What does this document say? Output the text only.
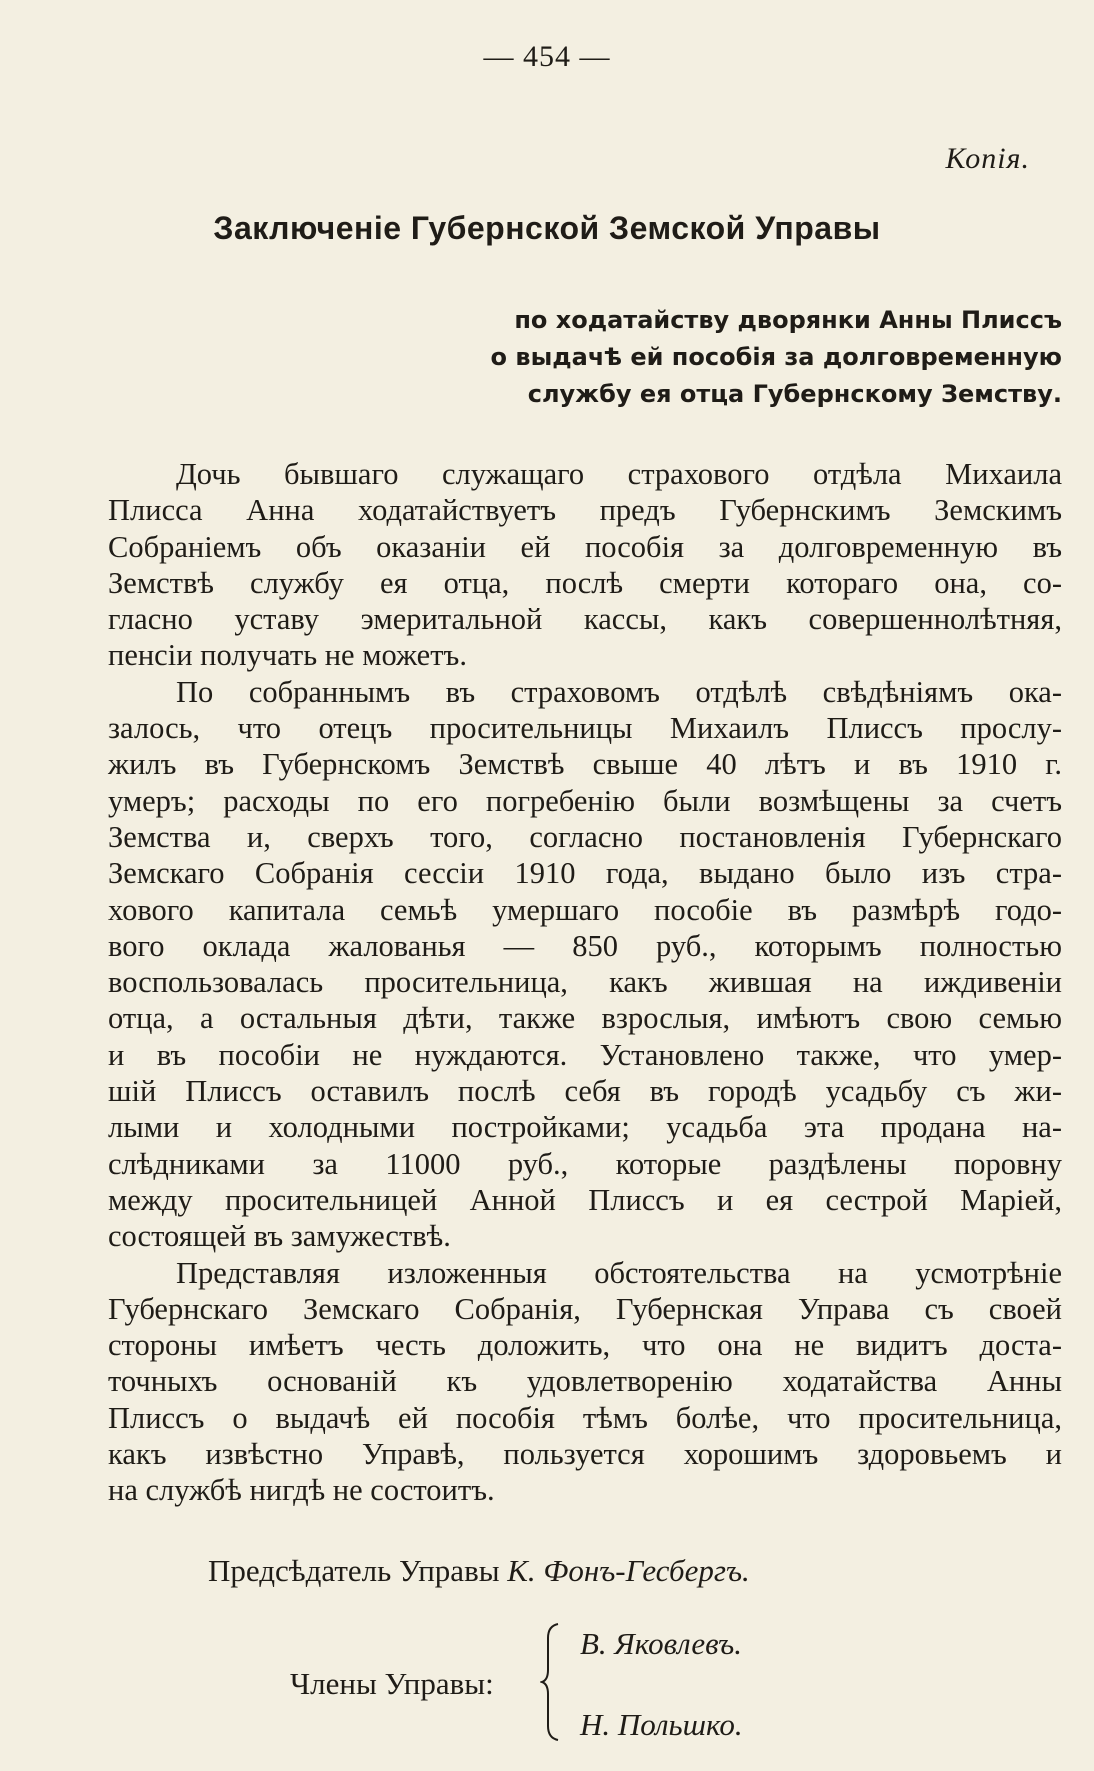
— 454 —
Копія.
Заключеніе Губернской Земской Управы
по ходатайству дворянки Анны Плиссъ
о выдачѣ ей пособія за долговременную
службу ея отца Губернскому Земству.
Дочь бывшаго служащаго страхового отдѣла Михаила
Плисса Анна ходатайствуетъ предъ Губернскимъ Земскимъ
Собраніемъ объ оказаніи ей пособія за долговременную въ
Земствѣ службу ея отца, послѣ смерти котораго она, со-
гласно уставу эмеритальной кассы, какъ совершеннолѣтняя,
пенсіи получать не можетъ.
По собраннымъ въ страховомъ отдѣлѣ свѣдѣніямъ ока-
залось, что отецъ просительницы Михаилъ Плиссъ прослу-
жилъ въ Губернскомъ Земствѣ свыше 40 лѣтъ и въ 1910 г.
умеръ; расходы по его погребенію были возмѣщены за счетъ
Земства и, сверхъ того, согласно постановленія Губернскаго
Земскаго Собранія сессіи 1910 года, выдано было изъ стра-
хового капитала семьѣ умершаго пособіе въ размѣрѣ годо-
вого оклада жалованья — 850 руб., которымъ полностью
воспользовалась просительница, какъ жившая на иждивеніи
отца, а остальныя дѣти, также взрослыя, имѣютъ свою семью
и въ пособіи не нуждаются. Установлено также, что умер-
шій Плиссъ оставилъ послѣ себя въ городѣ усадьбу съ жи-
лыми и холодными постройками; усадьба эта продана на-
слѣдниками за 11000 руб., которые раздѣлены поровну
между просительницей Анной Плиссъ и ея сестрой Маріей,
состоящей въ замужествѣ.
Представляя изложенныя обстоятельства на усмотрѣніе
Губернскаго Земскаго Собранія, Губернская Управа съ своей
стороны имѣетъ честь доложить, что она не видитъ доста-
точныхъ основаній къ удовлетворенію ходатайства Анны
Плиссъ о выдачѣ ей пособія тѣмъ болѣе, что просительница,
какъ извѣстно Управѣ, пользуется хорошимъ здоровьемъ и
на службѣ нигдѣ не состоитъ.
Предсѣдатель Управы К. Фонъ-Гесбергъ.
Члены Управы:
В. Яковлевъ.
Н. Польшко.
